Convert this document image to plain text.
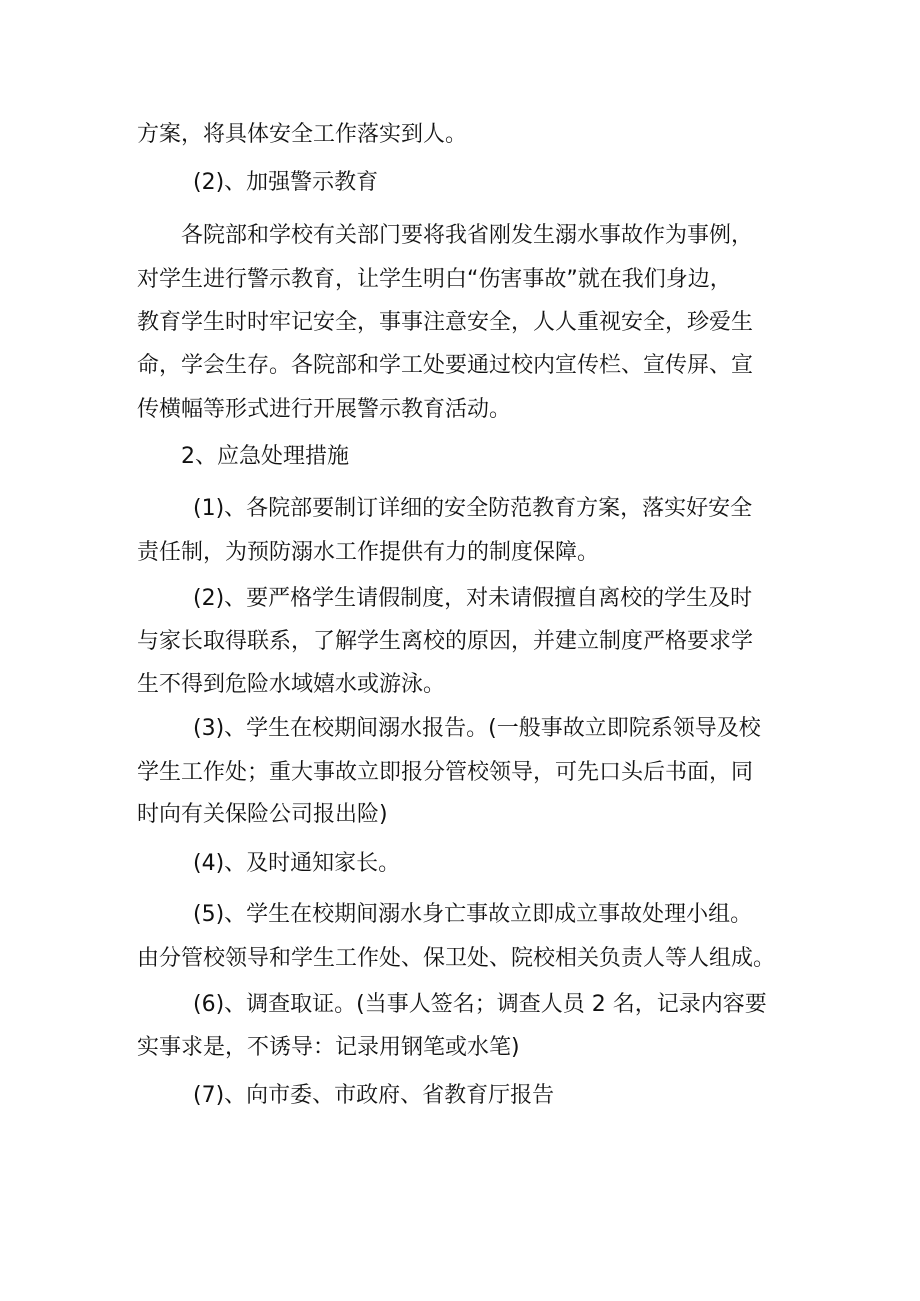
方案，将具体安全工作落实到人。
(2)、加强警示教育
各院部和学校有关部门要将我省刚发生溺水事故作为事例，
对学生进行警示教育，让学生明白“伤害事故”就在我们身边，
教育学生时时牢记安全，事事注意安全，人人重视安全，珍爱生
命，学会生存。各院部和学工处要通过校内宣传栏、宣传屏、宣
传横幅等形式进行开展警示教育活动。
2、应急处理措施
(1)、各院部要制订详细的安全防范教育方案，落实好安全
责任制，为预防溺水工作提供有力的制度保障。
(2)、要严格学生请假制度，对未请假擅自离校的学生及时
与家长取得联系，了解学生离校的原因，并建立制度严格要求学
生不得到危险水域嬉水或游泳。
(3)、学生在校期间溺水报告。(一般事故立即院系领导及校
学生工作处；重大事故立即报分管校领导，可先口头后书面，同
时向有关保险公司报出险)
(4)、及时通知家长。
(5)、学生在校期间溺水身亡事故立即成立事故处理小组。
由分管校领导和学生工作处、保卫处、院校相关负责人等人组成。
(6)、调查取证。(当事人签名；调查人员 2 名，记录内容要
实事求是，不诱导：记录用钢笔或水笔)
(7)、向市委、市政府、省教育厅报告
